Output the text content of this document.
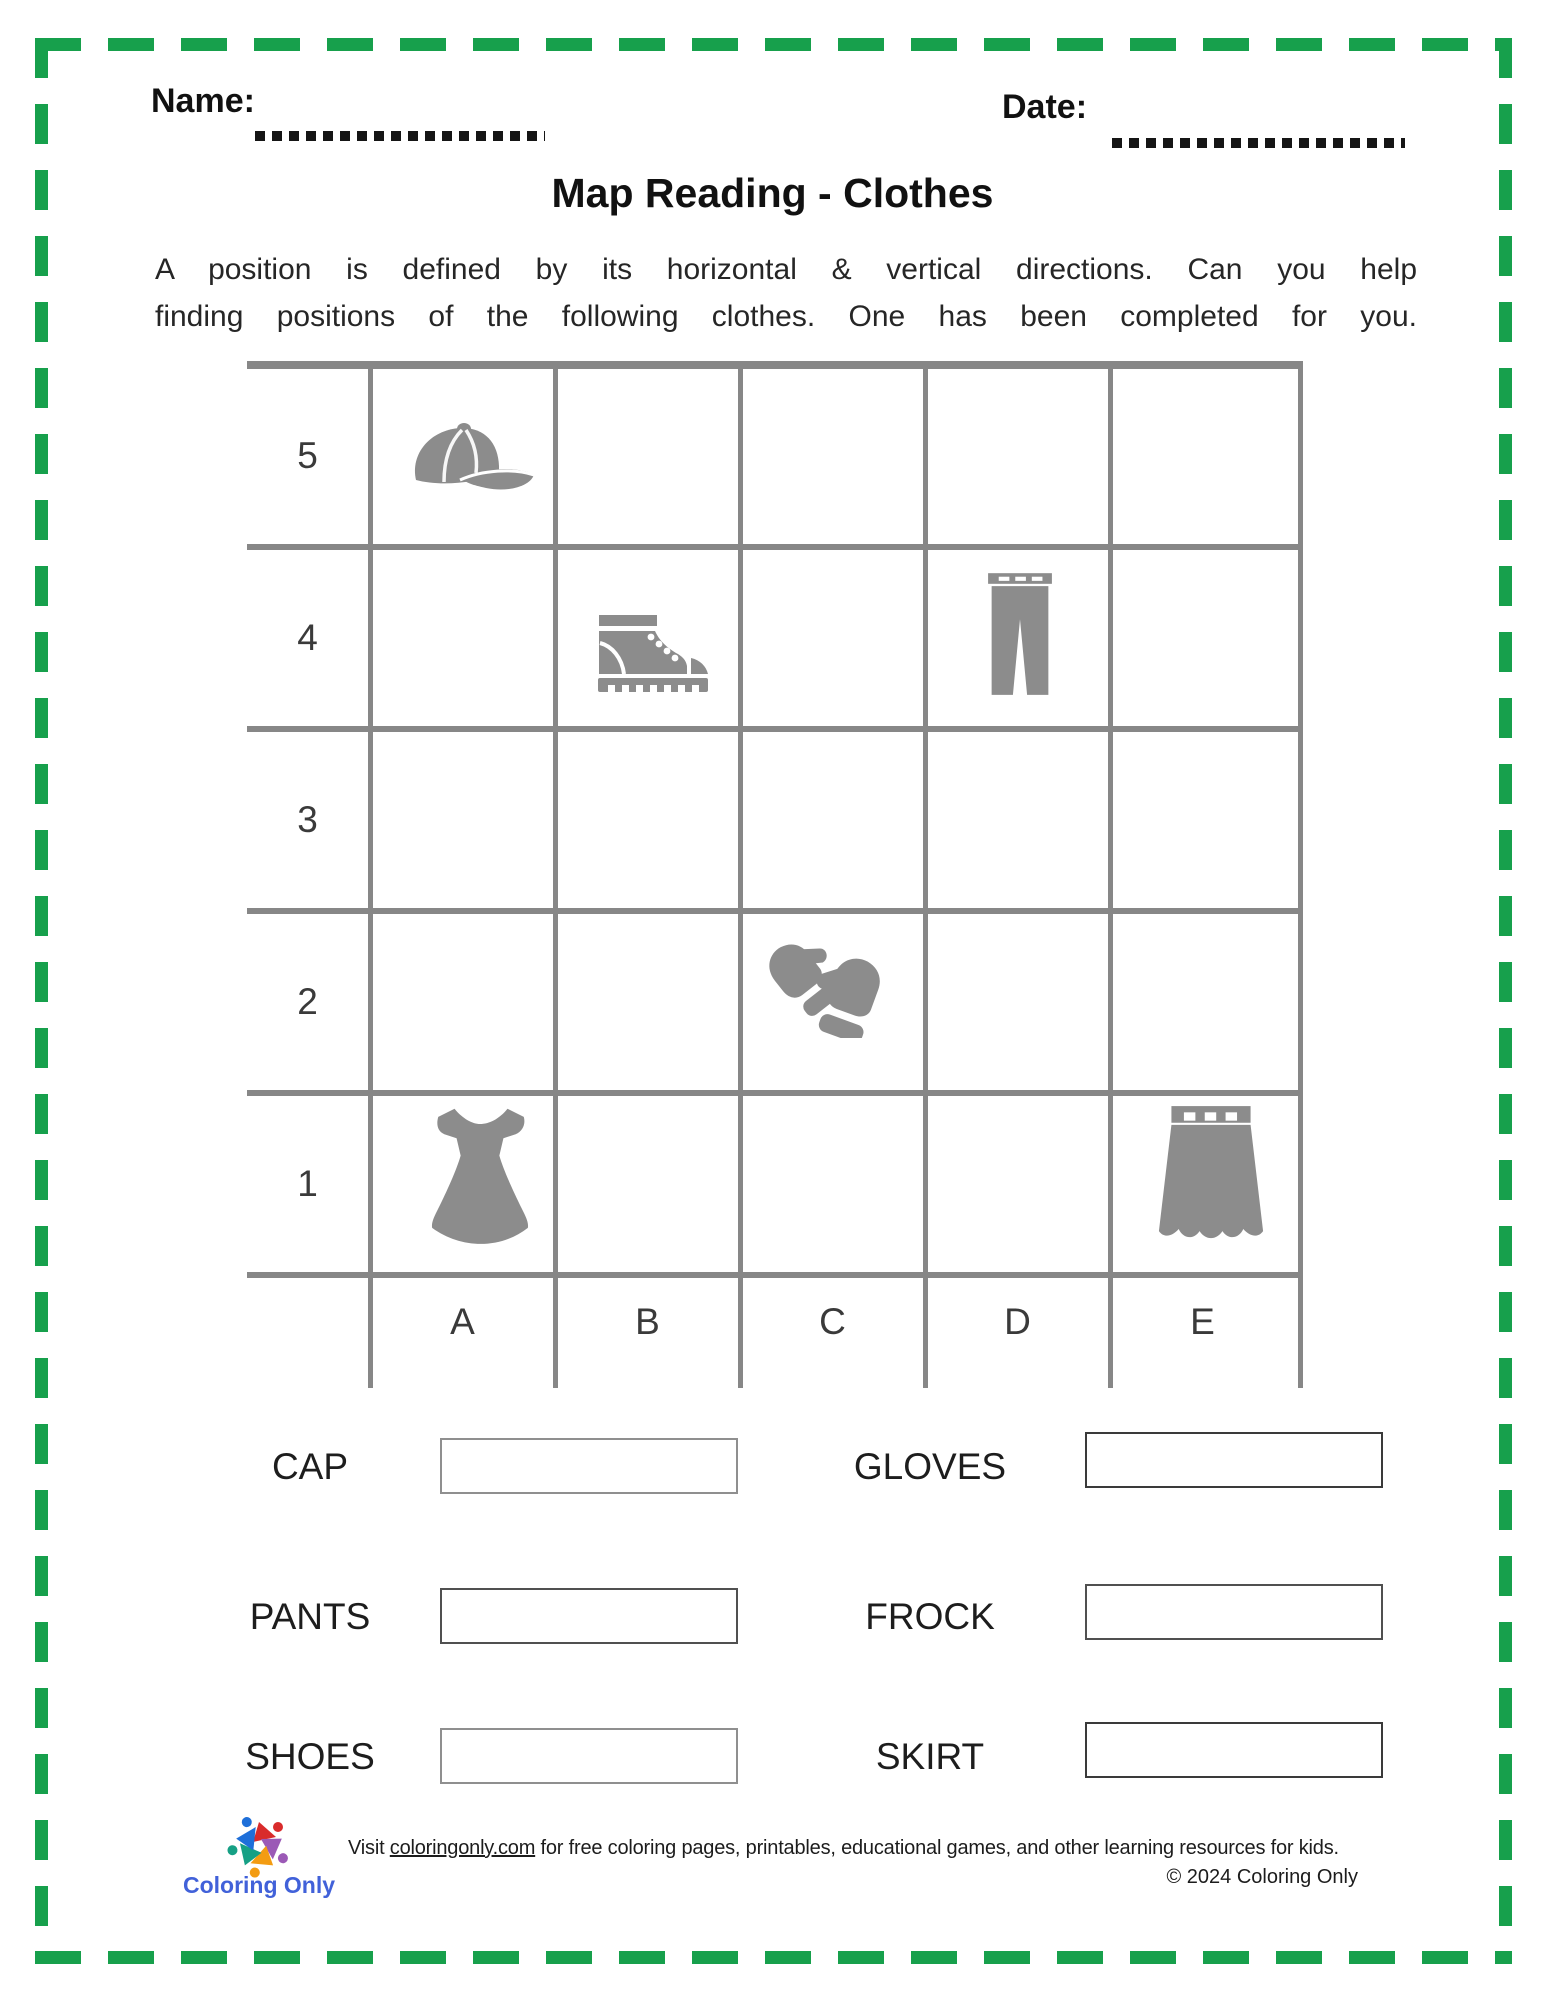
Name:	Date:
Map Reading - Clothes
A position is defined by its horizontal & vertical directions. Can you help
finding positions of the following clothes. One has been completed for you.
5
4
3
2
1
A	B	C	D	E
CAP	GLOVES
PANTS	FROCK
SHOES	SKIRT
Coloring Only
Visit coloringonly.com for free coloring pages, printables, educational games, and other learning resources for kids.
© 2024 Coloring Only
